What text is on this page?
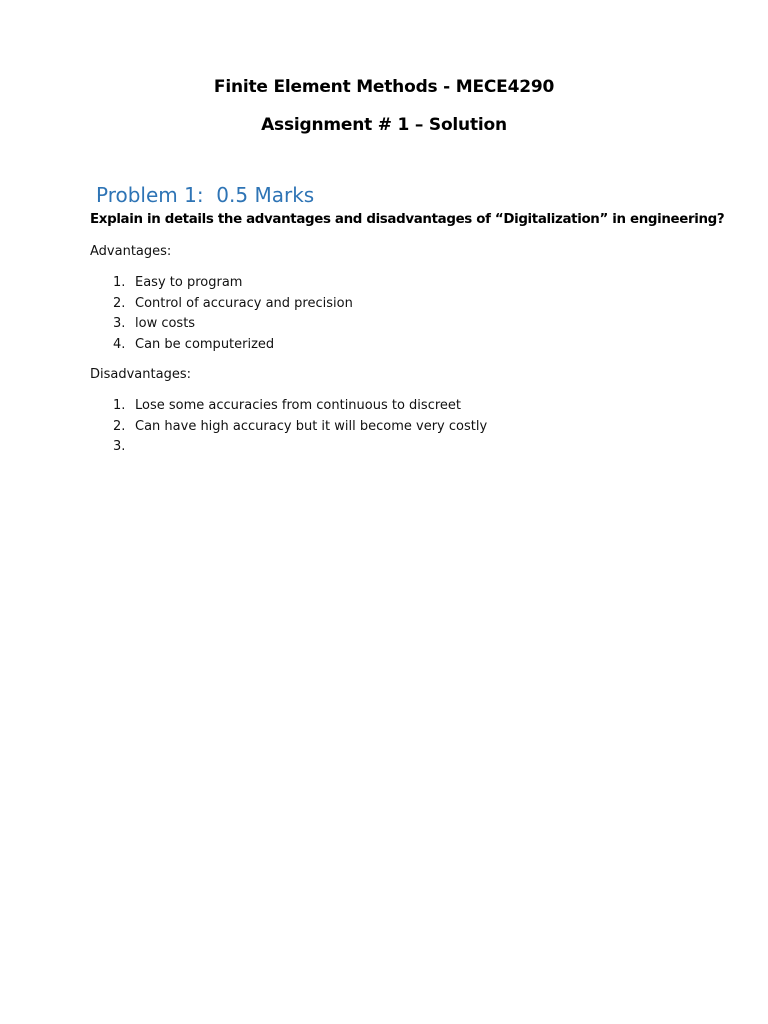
Finite Element Methods - MECE4290
Assignment # 1 – Solution
Problem 1:  0.5 Marks
Explain in details the advantages and disadvantages of “Digitalization” in engineering?
Advantages:
1. Easy to program
2. Control of accuracy and precision
3. low costs
4. Can be computerized
Disadvantages:
1. Lose some accuracies from continuous to discreet
2. Can have high accuracy but it will become very costly
3.
